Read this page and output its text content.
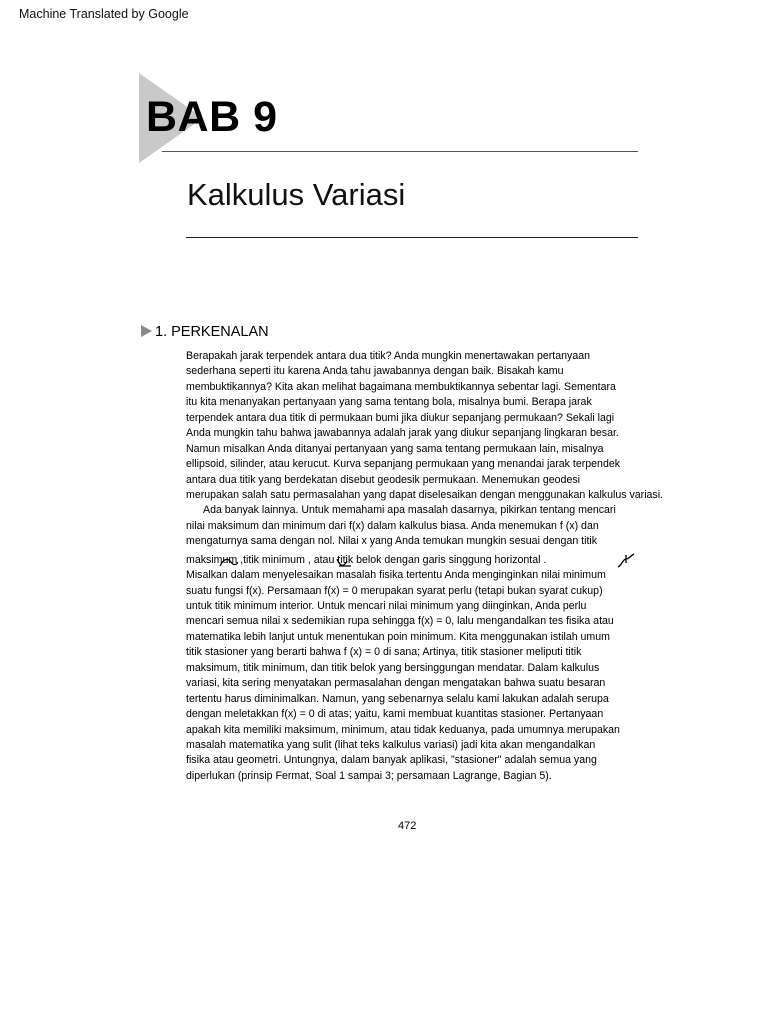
Machine Translated by Google
BAB 9
Kalkulus Variasi
1. PERKENALAN
Berapakah jarak terpendek antara dua titik? Anda mungkin menertawakan pertanyaan
sederhana seperti itu karena Anda tahu jawabannya dengan baik. Bisakah kamu
membuktikannya? Kita akan melihat bagaimana membuktikannya sebentar lagi. Sementara
itu kita menanyakan pertanyaan yang sama tentang bola, misalnya bumi. Berapa jarak
terpendek antara dua titik di permukaan bumi jika diukur sepanjang permukaan? Sekali lagi
Anda mungkin tahu bahwa jawabannya adalah jarak yang diukur sepanjang lingkaran besar.
Namun misalkan Anda ditanyai pertanyaan yang sama tentang permukaan lain, misalnya
ellipsoid, silinder, atau kerucut. Kurva sepanjang permukaan yang menandai jarak terpendek
antara dua titik yang berdekatan disebut geodesik permukaan. Menemukan geodesi
merupakan salah satu permasalahan yang dapat diselesaikan dengan menggunakan kalkulus variasi.
Ada banyak lainnya. Untuk memahami apa masalah dasarnya, pikirkan tentang mencari
nilai maksimum dan minimum dari f(x) dalam kalkulus biasa. Anda menemukan f (x) dan
mengaturnya sama dengan nol. Nilai x yang Anda temukan mungkin sesuai dengan titik
maksimum ,titik minimum , atau titik belok dengan garis singgung horizontal .
Misalkan dalam menyelesaikan masalah fisika tertentu Anda menginginkan nilai minimum
suatu fungsi f(x). Persamaan f(x) = 0 merupakan syarat perlu (tetapi bukan syarat cukup)
untuk titik minimum interior. Untuk mencari nilai minimum yang diinginkan, Anda perlu
mencari semua nilai x sedemikian rupa sehingga f(x) = 0, lalu mengandalkan tes fisika atau
matematika lebih lanjut untuk menentukan poin minimum. Kita menggunakan istilah umum
titik stasioner yang berarti bahwa f (x) = 0 di sana; Artinya, titik stasioner meliputi titik
maksimum, titik minimum, dan titik belok yang bersinggungan mendatar. Dalam kalkulus
variasi, kita sering menyatakan permasalahan dengan mengatakan bahwa suatu besaran
tertentu harus diminimalkan. Namun, yang sebenarnya selalu kami lakukan adalah serupa
dengan meletakkan f(x) = 0 di atas; yaitu, kami membuat kuantitas stasioner. Pertanyaan
apakah kita memiliki maksimum, minimum, atau tidak keduanya, pada umumnya merupakan
masalah matematika yang sulit (lihat teks kalkulus variasi) jadi kita akan mengandalkan
fisika atau geometri. Untungnya, dalam banyak aplikasi, "stasioner" adalah semua yang
diperlukan (prinsip Fermat, Soal 1 sampai 3; persamaan Lagrange, Bagian 5).
472
